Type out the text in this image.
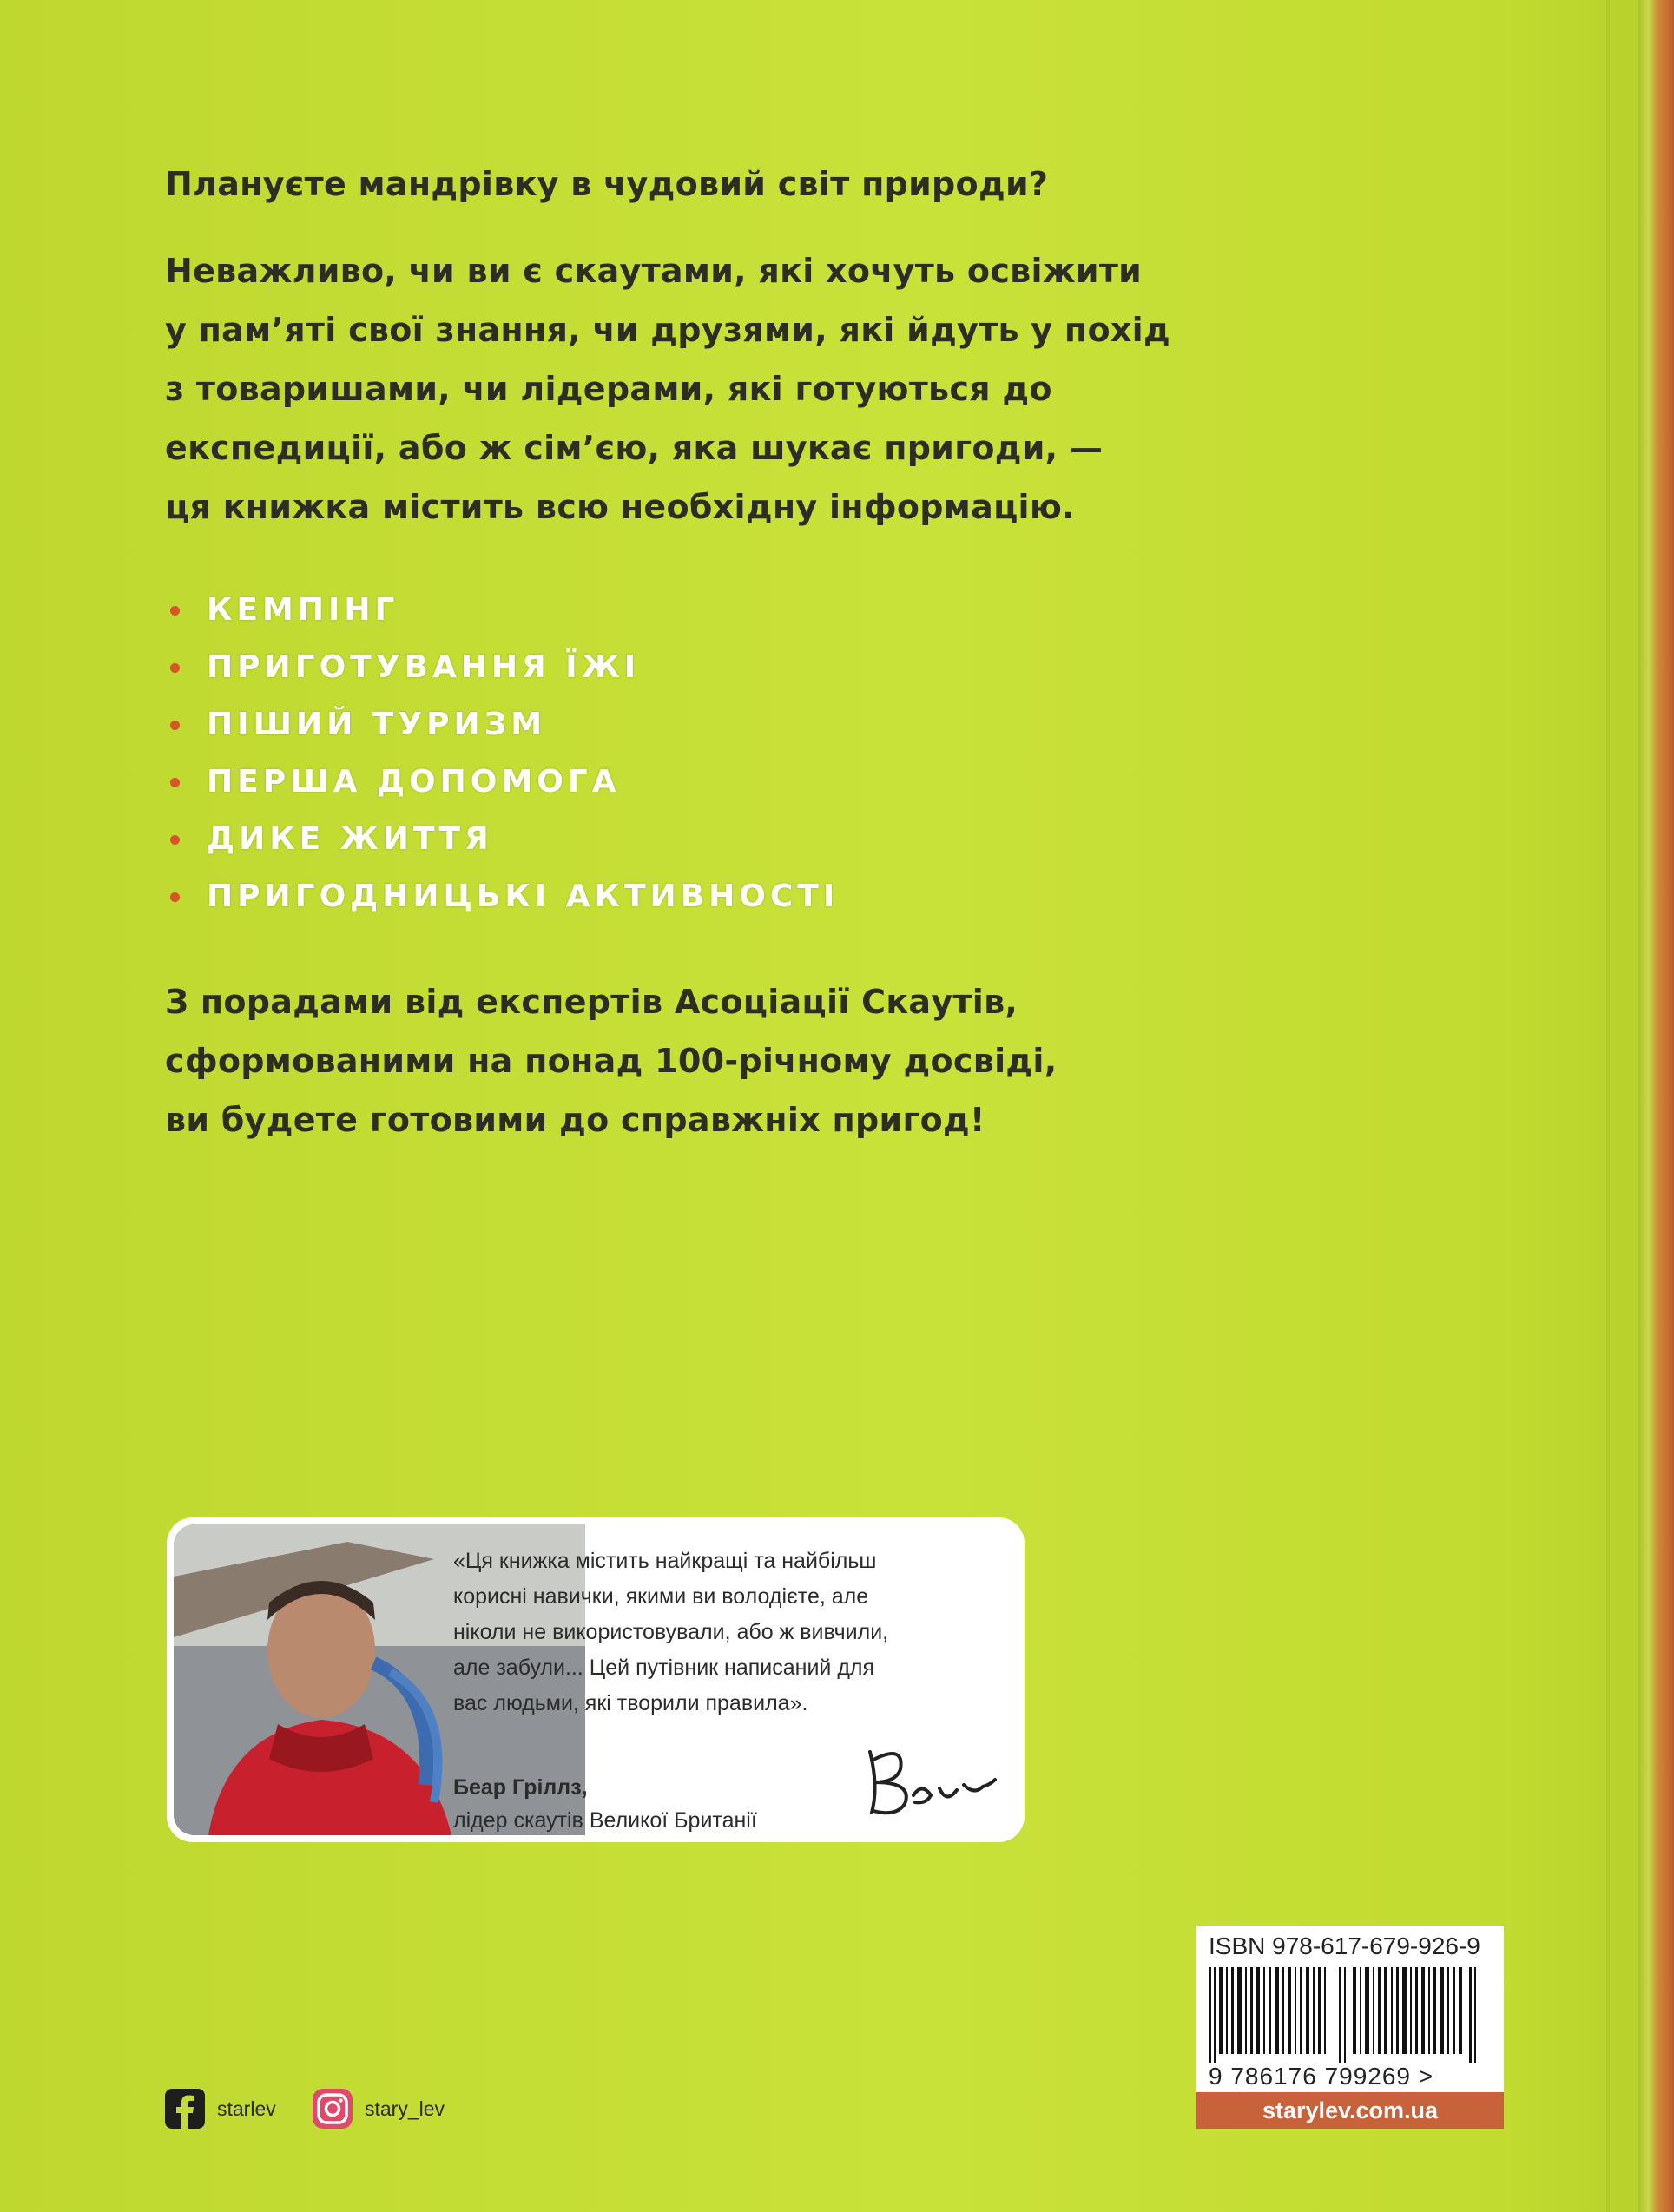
Плануєте мандрівку в чудовий світ природи?
Неважливо, чи ви є скаутами, які хочуть освіжити
у пам’яті свої знання, чи друзями, які йдуть у похід
з товаришами, чи лідерами, які готуються до
експедиції, або ж сім’єю, яка шукає пригоди, —
ця книжка містить всю необхідну інформацію.
КЕМПІНГ
ПРИГОТУВАННЯ ЇЖІ
ПІШИЙ ТУРИЗМ
ПЕРША ДОПОМОГА
ДИКЕ ЖИТТЯ
ПРИГОДНИЦЬКІ АКТИВНОСТІ
З порадами від експертів Асоціації Скаутів,
сформованими на понад 100-річному досвіді,
ви будете готовими до справжніх пригод!
«Ця книжка містить найкращі та найбільш
корисні навички, якими ви володієте, але
ніколи не використовували, або ж вивчили,
але забули... Цей путівник написаний для
вас людьми, які творили правила».
Беар Гріллз,
лідер скаутів Великої Британії
ISBN 978-617-679-926-9
9 786176 799269 >
starylev.com.ua
starlev	stary_lev
